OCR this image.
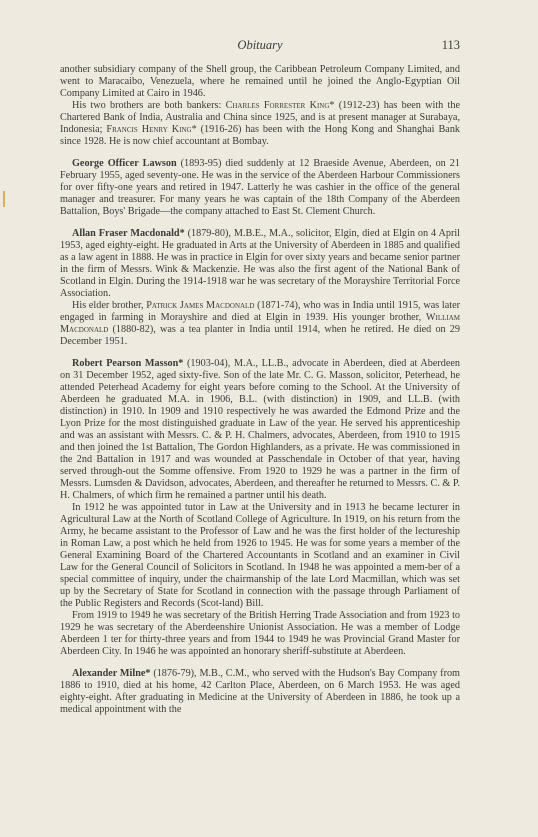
Obituary	113

another subsidiary company of the Shell group, the Caribbean Petroleum Company Limited, and went to Maracaibo, Venezuela, where he remained until he joined the Anglo-Egyptian Oil Company Limited at Cairo in 1946.

His two brothers are both bankers: Charles Forrester King* (1912-23) has been with the Chartered Bank of India, Australia and China since 1925, and is at present manager at Surabaya, Indonesia; Francis Henry King* (1916-26) has been with the Hong Kong and Shanghai Bank since 1928. He is now chief accountant at Bombay.

George Officer Lawson (1893-95) died suddenly at 12 Braeside Avenue, Aberdeen, on 21 February 1955, aged seventy-one. He was in the service of the Aberdeen Harbour Commissioners for over fifty-one years and retired in 1947. Latterly he was cashier in the office of the general manager and treasurer. For many years he was captain of the 18th Company of the Aberdeen Battalion, Boys' Brigade—the company attached to East St. Clement Church.

Allan Fraser Macdonald* (1879-80), M.B.E., M.A., solicitor, Elgin, died at Elgin on 4 April 1953, aged eighty-eight. He graduated in Arts at the University of Aberdeen in 1885 and qualified as a law agent in 1888. He was in practice in Elgin for over sixty years and became senior partner in the firm of Messrs. Wink & Mackenzie. He was also the first agent of the National Bank of Scotland in Elgin. During the 1914-1918 war he was secretary of the Morayshire Territorial Force Association.

His elder brother, Patrick James Macdonald (1871-74), who was in India until 1915, was later engaged in farming in Morayshire and died at Elgin in 1939. His younger brother, William Macdonald (1880-82), was a tea planter in India until 1914, when he retired. He died on 29 December 1951.

Robert Pearson Masson* (1903-04), M.A., LL.B., advocate in Aberdeen, died at Aberdeen on 31 December 1952, aged sixty-five. Son of the late Mr. C. G. Masson, solicitor, Peterhead, he attended Peterhead Academy for eight years before coming to the School. At the University of Aberdeen he graduated M.A. in 1906, B.L. (with distinction) in 1909, and LL.B. (with distinction) in 1910. In 1909 and 1910 respectively he was awarded the Edmond Prize and the Lyon Prize for the most distinguished graduate in Law of the year. He served his apprenticeship and was an assistant with Messrs. C. & P. H. Chalmers, advocates, Aberdeen, from 1910 to 1915 and then joined the 1st Battalion, The Gordon Highlanders, as a private. He was commissioned in the 2nd Battalion in 1917 and was wounded at Passchendale in October of that year, having served through-out the Somme offensive. From 1920 to 1929 he was a partner in the firm of Messrs. Lumsden & Davidson, advocates, Aberdeen, and thereafter he returned to Messrs. C. & P. H. Chalmers, of which firm he remained a partner until his death.

In 1912 he was appointed tutor in Law at the University and in 1913 he became lecturer in Agricultural Law at the North of Scotland College of Agriculture. In 1919, on his return from the Army, he became assistant to the Professor of Law and he was the first holder of the lectureship in Roman Law, a post which he held from 1926 to 1945. He was for some years a member of the General Examining Board of the Chartered Accountants in Scotland and an examiner in Civil Law for the General Council of Solicitors in Scotland. In 1948 he was appointed a mem-ber of a special committee of inquiry, under the chairmanship of the late Lord Macmillan, which was set up by the Secretary of State for Scotland in connection with the passage through Parliament of the Public Registers and Records (Scot-land) Bill.

From 1919 to 1949 he was secretary of the British Herring Trade Association and from 1923 to 1929 he was secretary of the Aberdeenshire Unionist Association. He was a member of Lodge Aberdeen 1 ter for thirty-three years and from 1944 to 1949 he was Provincial Grand Master for Aberdeen City. In 1946 he was appointed an honorary sheriff-substitute at Aberdeen.

Alexander Milne* (1876-79), M.B., C.M., who served with the Hudson's Bay Company from 1886 to 1910, died at his home, 42 Carlton Place, Aberdeen, on 6 March 1953. He was aged eighty-eight. After graduating in Medicine at the University of Aberdeen in 1886, he took up a medical appointment with the
